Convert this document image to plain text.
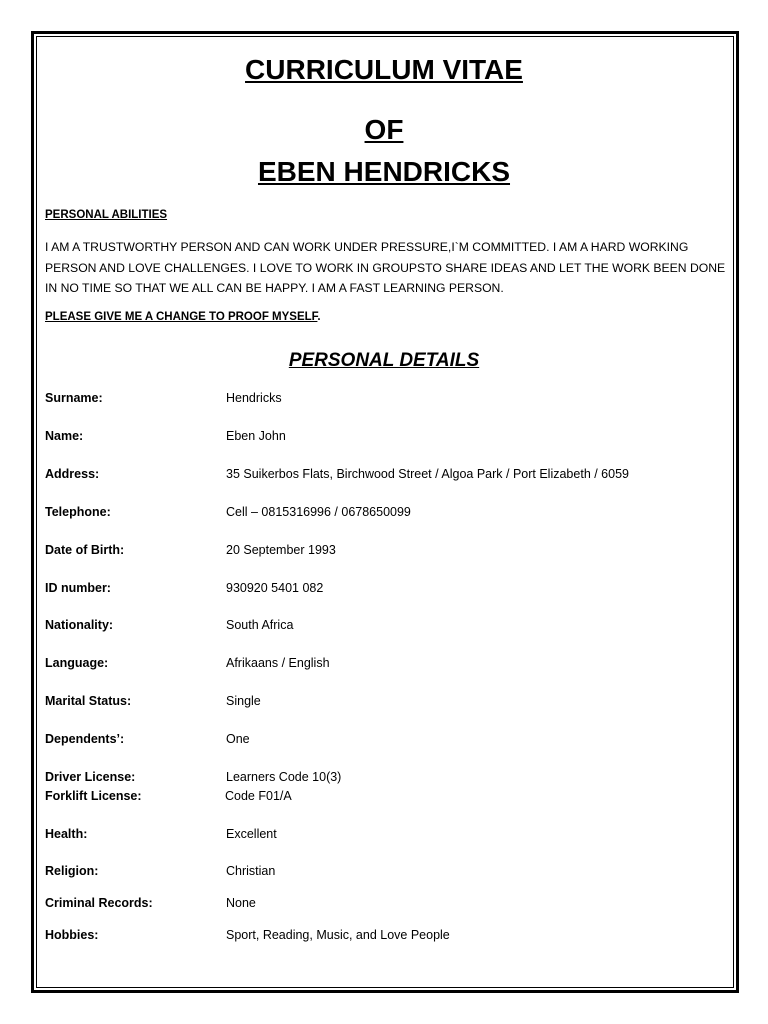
CURRICULUM VITAE
OF
EBEN HENDRICKS

PERSONAL ABILITIES

I AM A TRUSTWORTHY PERSON AND CAN WORK UNDER PRESSURE,I`M COMMITTED. I AM A HARD WORKING PERSON AND LOVE CHALLENGES. I LOVE TO WORK IN GROUPSTO SHARE IDEAS AND LET THE WORK BEEN DONE IN NO TIME SO THAT WE ALL CAN BE HAPPY. I AM A FAST LEARNING PERSON.

PLEASE GIVE ME A CHANGE TO PROOF MYSELF.

PERSONAL DETAILS
Surname:	Hendricks
Name:	Eben John
Address:	35 Suikerbos Flats, Birchwood Street / Algoa Park / Port Elizabeth / 6059
Telephone:	Cell – 0815316996 / 0678650099
Date of Birth:	20 September 1993
ID number:	930920 5401 082
Nationality:	South Africa
Language:	Afrikaans / English
Marital Status:	Single
Dependents’:	One
Driver License:	Learners Code 10(3)
Forklift License:	Code F01/A
Health:	Excellent
Religion:	Christian
Criminal Records:	None
Hobbies:	Sport, Reading, Music, and Love People
